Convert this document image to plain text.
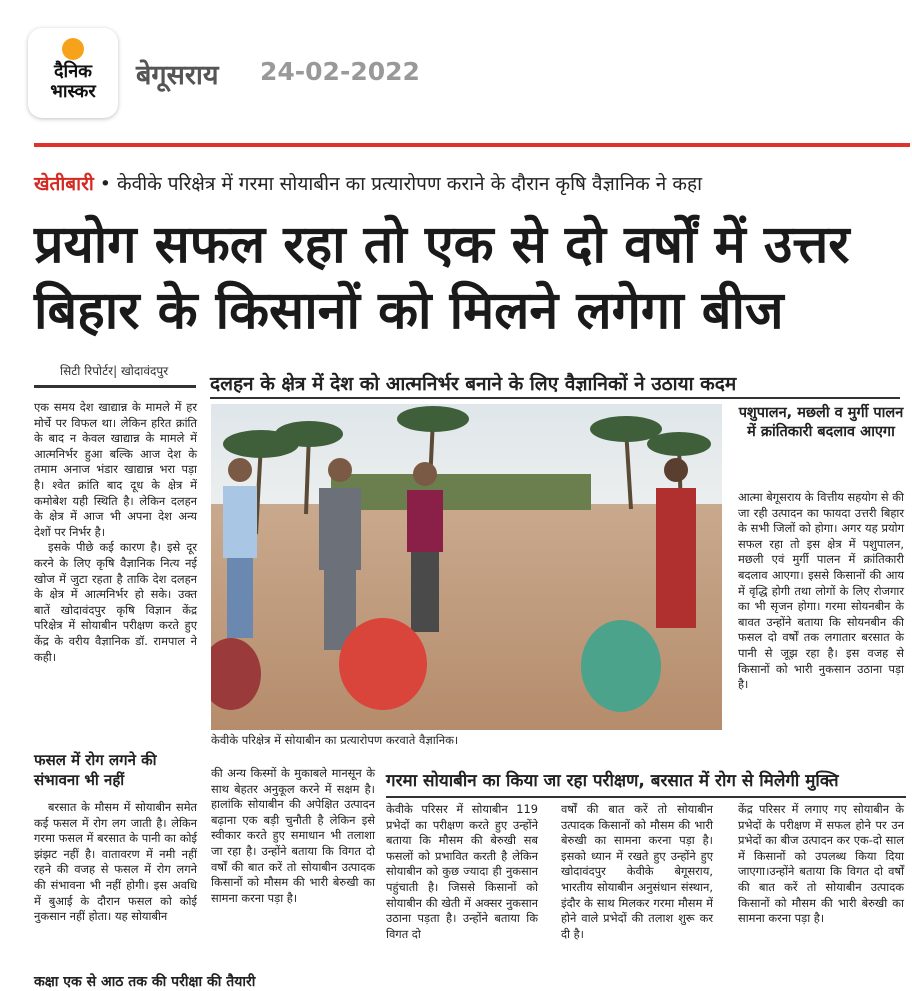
दैनिक
भास्कर
बेगूसराय 24-02-2022
खेतीबारी • केवीके परिक्षेत्र में गरमा सोयाबीन का प्रत्यारोपण कराने के दौरान कृषि वैज्ञानिक ने कहा
प्रयोग सफल रहा तो एक से दो वर्षों में उत्तर
बिहार के किसानों को मिलने लगेगा बीज
सिटी रिपोर्टर| खोदावंदपुर
दलहन के क्षेत्र में देश को आत्मनिर्भर बनाने के लिए वैज्ञानिकों ने उठाया कदम

एक समय देश खाद्यान्न के मामले में हर मोर्चे पर विफल था। लेकिन हरित क्रांति के बाद न केवल खाद्यान्न के मामले में आत्मनिर्भर हुआ बल्कि आज देश के तमाम अनाज भंडार खाद्यान्न भरा पड़ा है। श्वेत क्रांति बाद दूध के क्षेत्र में कमोबेश यही स्थिति है। लेकिन दलहन के क्षेत्र में आज भी अपना देश अन्य देशों पर निर्भर है।

इसके पीछे कई कारण है। इसे दूर करने के लिए कृषि वैज्ञानिक नित्य नई खोज में जुटा रहता है ताकि देश दलहन के क्षेत्र में आत्मनिर्भर हो सके। उक्त बातें खोदावंदपुर कृषि विज्ञान केंद्र परिक्षेत्र में सोयाबीन परीक्षण करते हुए केंद्र के वरीय वैज्ञानिक डॉ. रामपाल ने कही।

फसल में रोग लगने की संभावना भी नहीं

बरसात के मौसम में सोयाबीन समेत कई फसल में रोग लग जाती है। लेकिन गरमा फसल में बरसात के पानी का कोई झंझट नहीं है। वातावरण में नमी नहीं रहने की वजह से फसल में रोग लगने की संभावना भी नहीं होगी। इस अवधि में बुआई के दौरान फसल को कोई नुकसान नहीं होता। यह सोयाबीन

केवीके परिक्षेत्र में सोयाबीन का प्रत्यारोपण करवाते वैज्ञानिक।
पशुपालन, मछली व मुर्गी पालन में क्रांतिकारी बदलाव आएगा

आत्मा बेगूसराय के वित्तीय सहयोग से की जा रही उत्पादन का फायदा उत्तरी बिहार के सभी जिलों को होगा। अगर यह प्रयोग सफल रहा तो इस क्षेत्र में पशुपालन, मछली एवं मुर्गी पालन में क्रांतिकारी बदलाव आएगा। इससे किसानों की आय में वृद्धि होगी तथा लोगों के लिए रोजगार का भी सृजन होगा। गरमा सोयनबीन के बावत उन्होंने बताया कि सोयनबीन की फसल दो वर्षों तक लगातार बरसात के पानी से जूझ रहा है। इस वजह से किसानों को भारी नुकसान उठाना पड़ा है।

की अन्य किस्मों के मुकाबले मानसून के साथ बेहतर अनुकूल करने में सक्षम है। हालांकि सोयाबीन की अपेक्षित उत्पादन बढ़ाना एक बड़ी चुनौती है लेकिन इसे स्वीकार करते हुए समाधान भी तलाशा जा रहा है। उन्होंने बताया कि विगत दो वर्षों की बात करें तो सोयाबीन उत्पादक किसानों को मौसम की भारी बेरुखी का सामना करना पड़ा है।

गरमा सोयाबीन का किया जा रहा परीक्षण, बरसात में रोग से मिलेगी मुक्ति

केवीके परिसर में सोयाबीन 119 प्रभेदों का परीक्षण करते हुए उन्होंने बताया कि मौसम की बेरुखी सब फसलों को प्रभावित करती है लेकिन सोयाबीन को कुछ ज्यादा ही नुकसान पहुंचाती है। जिससे किसानों को सोयाबीन की खेती में अक्सर नुकसान उठाना पड़ता है। उन्होंने बताया कि विगत दो

वर्षों की बात करें तो सोयाबीन उत्पादक किसानों को मौसम की भारी बेरुखी का सामना करना पड़ा है। इसको ध्यान में रखते हुए उन्होंने हुए खोदावंदपुर केवीके बेगूसराय, भारतीय सोयाबीन अनुसंधान संस्थान, इंदौर के साथ मिलकर गरमा मौसम में होने वाले प्रभेदों की तलाश शुरू कर दी है।

केंद्र परिसर में लगाए गए सोयाबीन के प्रभेदों के परीक्षण में सफल होने पर उन प्रभेदों का बीज उत्पादन कर एक-दो साल में किसानों को उपलब्ध किया दिया जाएगा।उन्होंने बताया कि विगत दो वर्षों की बात करें तो सोयाबीन उत्पादक किसानों को मौसम की भारी बेरुखी का सामना करना पड़ा है।

कक्षा एक से आठ तक की परीक्षा की तैयारी
